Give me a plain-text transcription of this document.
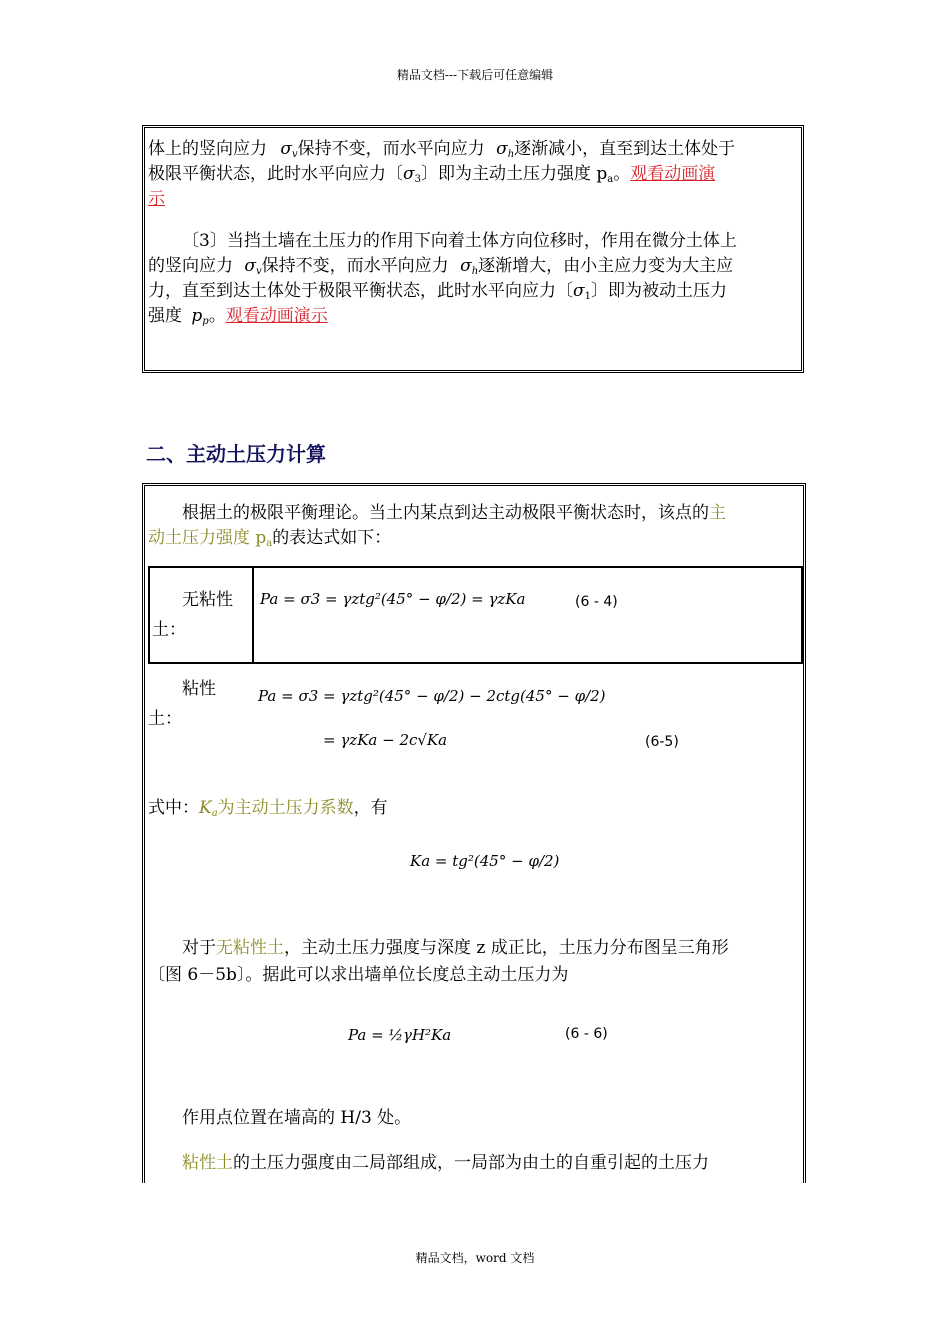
精品文档---下载后可任意编辑
体上的竖向应力 $\sigma_v$保持不变，而水平向应力 $\sigma_h$逐渐减小，直至到达土体处于
极限平衡状态，此时水平向应力〔$\sigma_3$〕即为主动土压力强度 $p_a$。观看动画演
示
〔3〕当挡土墙在土压力的作用下向着土体方向位移时，作用在微分土体上
的竖向应力 $\sigma_v$保持不变，而水平向应力 $\sigma_h$逐渐增大，由小主应力变为大主应
力，直至到达土体处于极限平衡状态，此时水平向应力〔$\sigma_1$〕即为被动土压力
强度 $p_p$。观看动画演示
二、主动土压力计算
根据土的极限平衡理论。当土内某点到达主动极限平衡状态时，该点的主
动土压力强度 $p_a$的表达式如下：
无粘性
土：
Pa = σ3 = γztg²(45° − φ/2) = γzKa	(6 - 4)
粘性
土：
Pa = σ3 = γztg²(45° − φ/2) − 2ctg(45° − φ/2)
= γzKa − 2c√Ka	(6-5)
式中：$K_a$为主动土压力系数，有
Ka = tg²(45° − φ/2)
对于无粘性土，主动土压力强度与深度 z 成正比，土压力分布图呈三角形
〔图 6－5b〕。据此可以求出墙单位长度总主动土压力为
Pa = ½γH²Ka	(6 - 6)
作用点位置在墙高的 H/3 处。
粘性土的土压力强度由二局部组成，一局部为由土的自重引起的土压力
精品文档，word 文档
